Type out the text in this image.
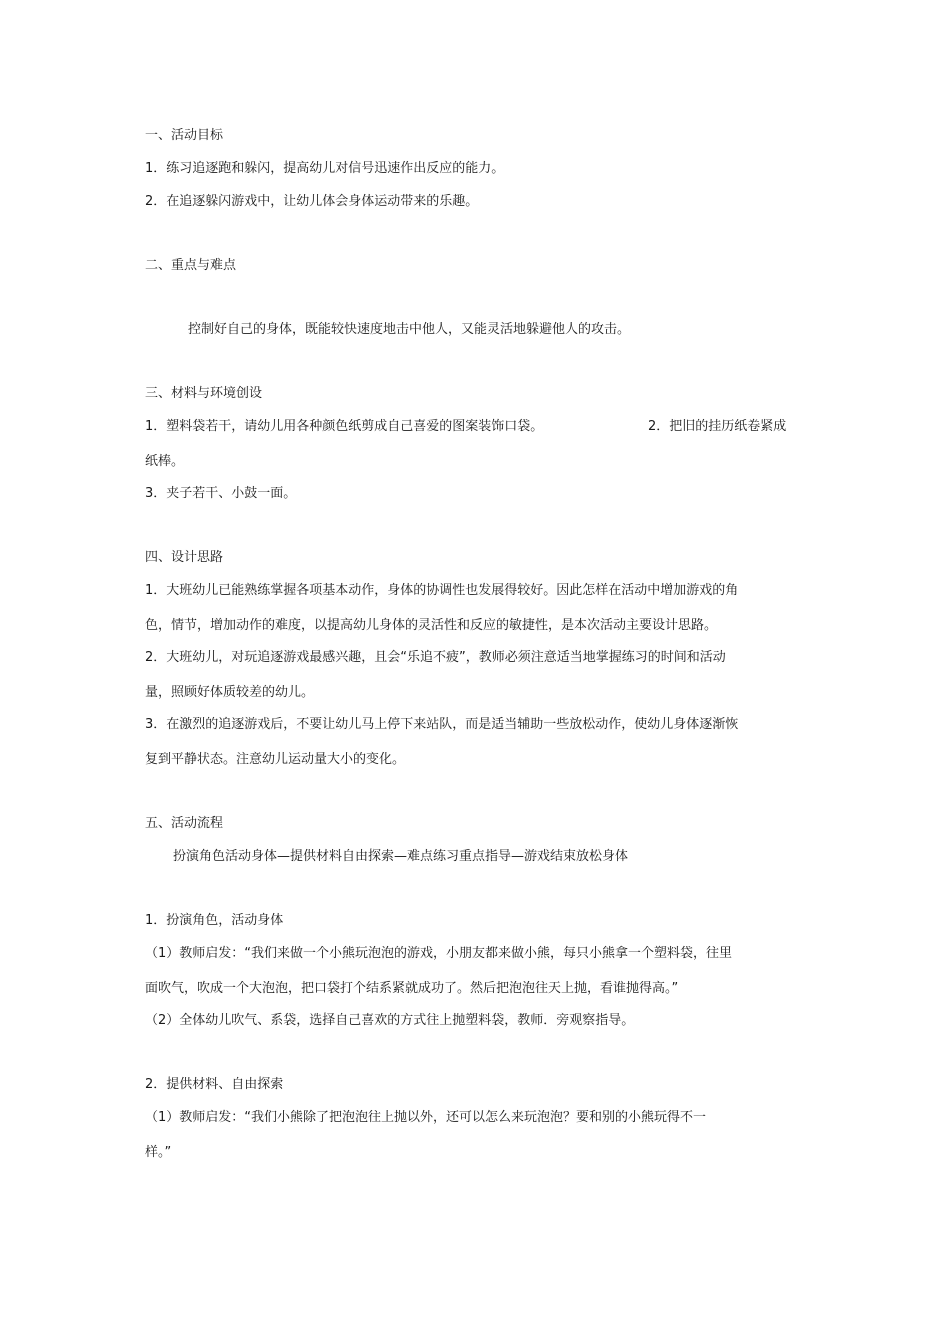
一、活动目标
1．练习追逐跑和躲闪，提高幼儿对信号迅速作出反应的能力。
2．在追逐躲闪游戏中，让幼儿体会身体运动带来的乐趣。
二、重点与难点
控制好自己的身体，既能较快速度地击中他人，又能灵活地躲避他人的攻击。
三、材料与环境创设
1．塑料袋若干，请幼儿用各种颜色纸剪成自己喜爱的图案装饰口袋。	2．把旧的挂历纸卷紧成
纸棒。
3．夹子若干、小鼓一面。
四、设计思路
1．大班幼儿已能熟练掌握各项基本动作，身体的协调性也发展得较好。因此怎样在活动中增加游戏的角
色，情节，增加动作的难度，以提高幼儿身体的灵活性和反应的敏捷性，是本次活动主要设计思路。
2．大班幼儿，对玩追逐游戏最感兴趣，且会“乐追不疲”，教师必须注意适当地掌握练习的时间和活动
量，照顾好体质较差的幼儿。
3．在激烈的追逐游戏后，不要让幼儿马上停下来站队，而是适当辅助一些放松动作，使幼儿身体逐渐恢
复到平静状态。注意幼儿运动量大小的变化。
五、活动流程
扮演角色活动身体—提供材料自由探索—难点练习重点指导—游戏结束放松身体
1．扮演角色，活动身体
（1）教师启发：“我们来做一个小熊玩泡泡的游戏，小朋友都来做小熊，每只小熊拿一个塑料袋，往里
面吹气，吹成一个大泡泡，把口袋打个结系紧就成功了。然后把泡泡往天上抛，看谁抛得高。”
（2）全体幼儿吹气、系袋，选择自己喜欢的方式往上抛塑料袋，教师．旁观察指导。
2．提供材料、自由探索
（1）教师启发：“我们小熊除了把泡泡往上抛以外，还可以怎么来玩泡泡？要和别的小熊玩得不一
样。”
